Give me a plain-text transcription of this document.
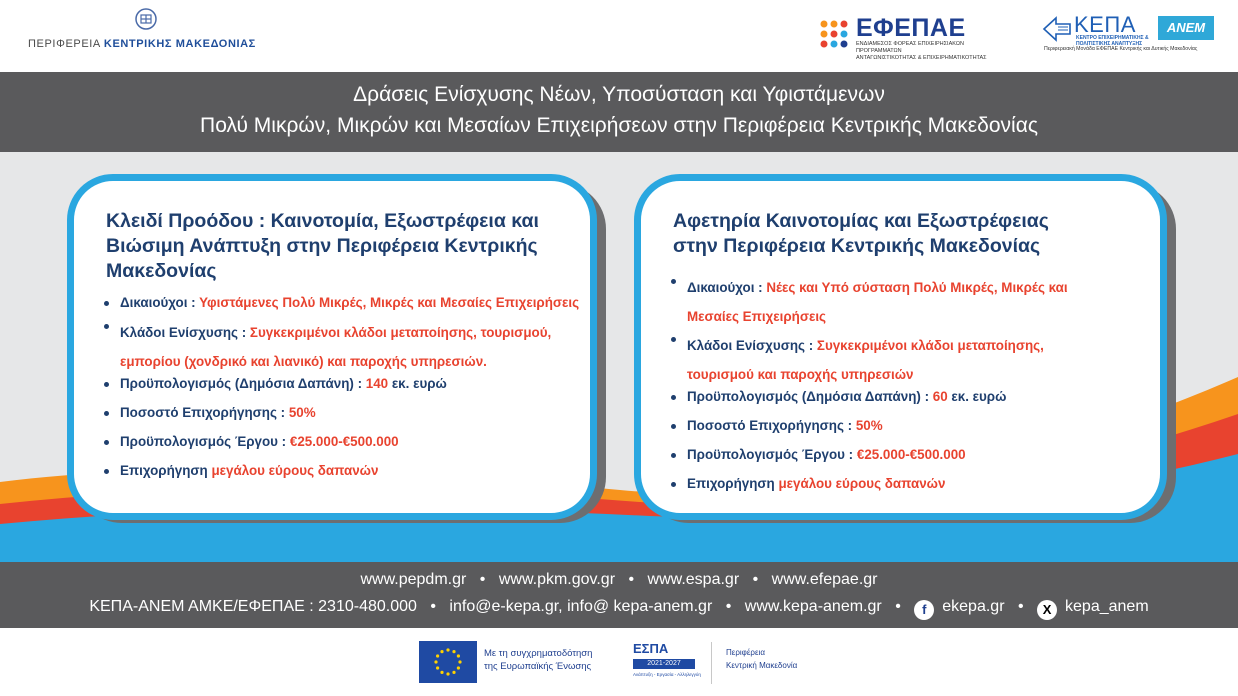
ΠΕΡΙΦΕΡΕΙΑ ΚΕΝΤΡΙΚΗΣ ΜΑΚΕΔΟΝΙΑΣ
ΕΦΕΠΑΕ
ΕΝΔΙΑΜΕΣΟΣ ΦΟΡΕΑΣ ΕΠΙΧΕΙΡΗΣΙΑΚΩΝ ΠΡΟΓΡΑΜΜΑΤΩΝ
ΑΝΤΑΓΩΝΙΣΤΙΚΟΤΗΤΑΣ & ΕΠΙΧΕΙΡΗΜΑΤΙΚΟΤΗΤΑΣ
ΚΕΠΑ
ΚΕΝΤΡΟ ΕΠΙΧΕΙΡΗΜΑΤΙΚΗΣ & ΠΟΛΙΤΙΣΤΙΚΗΣ ΑΝΑΠΤΥΞΗΣ
ΑΝΕΜ
Περιφερειακή Μονάδα ΕΦΕΠΑΕ Κεντρικής και Δυτικής Μακεδονίας
Δράσεις Ενίσχυσης Νέων, Υποσύσταση και Υφιστάμενων
Πολύ Μικρών, Μικρών και Μεσαίων Επιχειρήσεων στην Περιφέρεια Κεντρικής Μακεδονίας
Κλειδί Προόδου : Καινοτομία, Εξωστρέφεια και Βιώσιμη Ανάπτυξη στην Περιφέρεια Κεντρικής Μακεδονίας
Δικαιούχοι : Υφιστάμενες Πολύ Μικρές, Μικρές και Μεσαίες Επιχειρήσεις
Κλάδοι Ενίσχυσης : Συγκεκριμένοι κλάδοι μεταποίησης, τουρισμού, εμπορίου (χονδρικό και λιανικό) και παροχής υπηρεσιών.
Προϋπολογισμός (Δημόσια Δαπάνη) : 140 εκ. ευρώ
Ποσοστό Επιχορήγησης : 50%
Προϋπολογισμός Έργου : €25.000-€500.000
Επιχορήγηση μεγάλου εύρους δαπανών
Αφετηρία Καινοτομίας και Εξωστρέφειας στην Περιφέρεια Κεντρικής Μακεδονίας
Δικαιούχοι : Νέες και Υπό σύσταση Πολύ Μικρές, Μικρές και Μεσαίες Επιχειρήσεις
Κλάδοι Ενίσχυσης : Συγκεκριμένοι κλάδοι μεταποίησης, τουρισμού και παροχής υπηρεσιών
Προϋπολογισμός (Δημόσια Δαπάνη) : 60 εκ. ευρώ
Ποσοστό Επιχορήγησης : 50%
Προϋπολογισμός Έργου : €25.000-€500.000
Επιχορήγηση μεγάλου εύρους δαπανών
www.pepdm.gr • www.pkm.gov.gr • www.espa.gr • www.efepae.gr
ΚΕΠΑ-ΑΝΕΜ ΑΜΚΕ/ΕΦΕΠΑΕ : 2310-480.000 • info@e-kepa.gr, info@ kepa-anem.gr • www.kepa-anem.gr • f ekepa.gr • X kepa_anem
Με τη συγχρηματοδότηση
της Ευρωπαϊκής Ένωσης
ΕΣΠΑ
2021-2027
Ανάπτυξη - Εργασία - Αλληλεγγύη
Περιφέρεια
Κεντρική Μακεδονία
